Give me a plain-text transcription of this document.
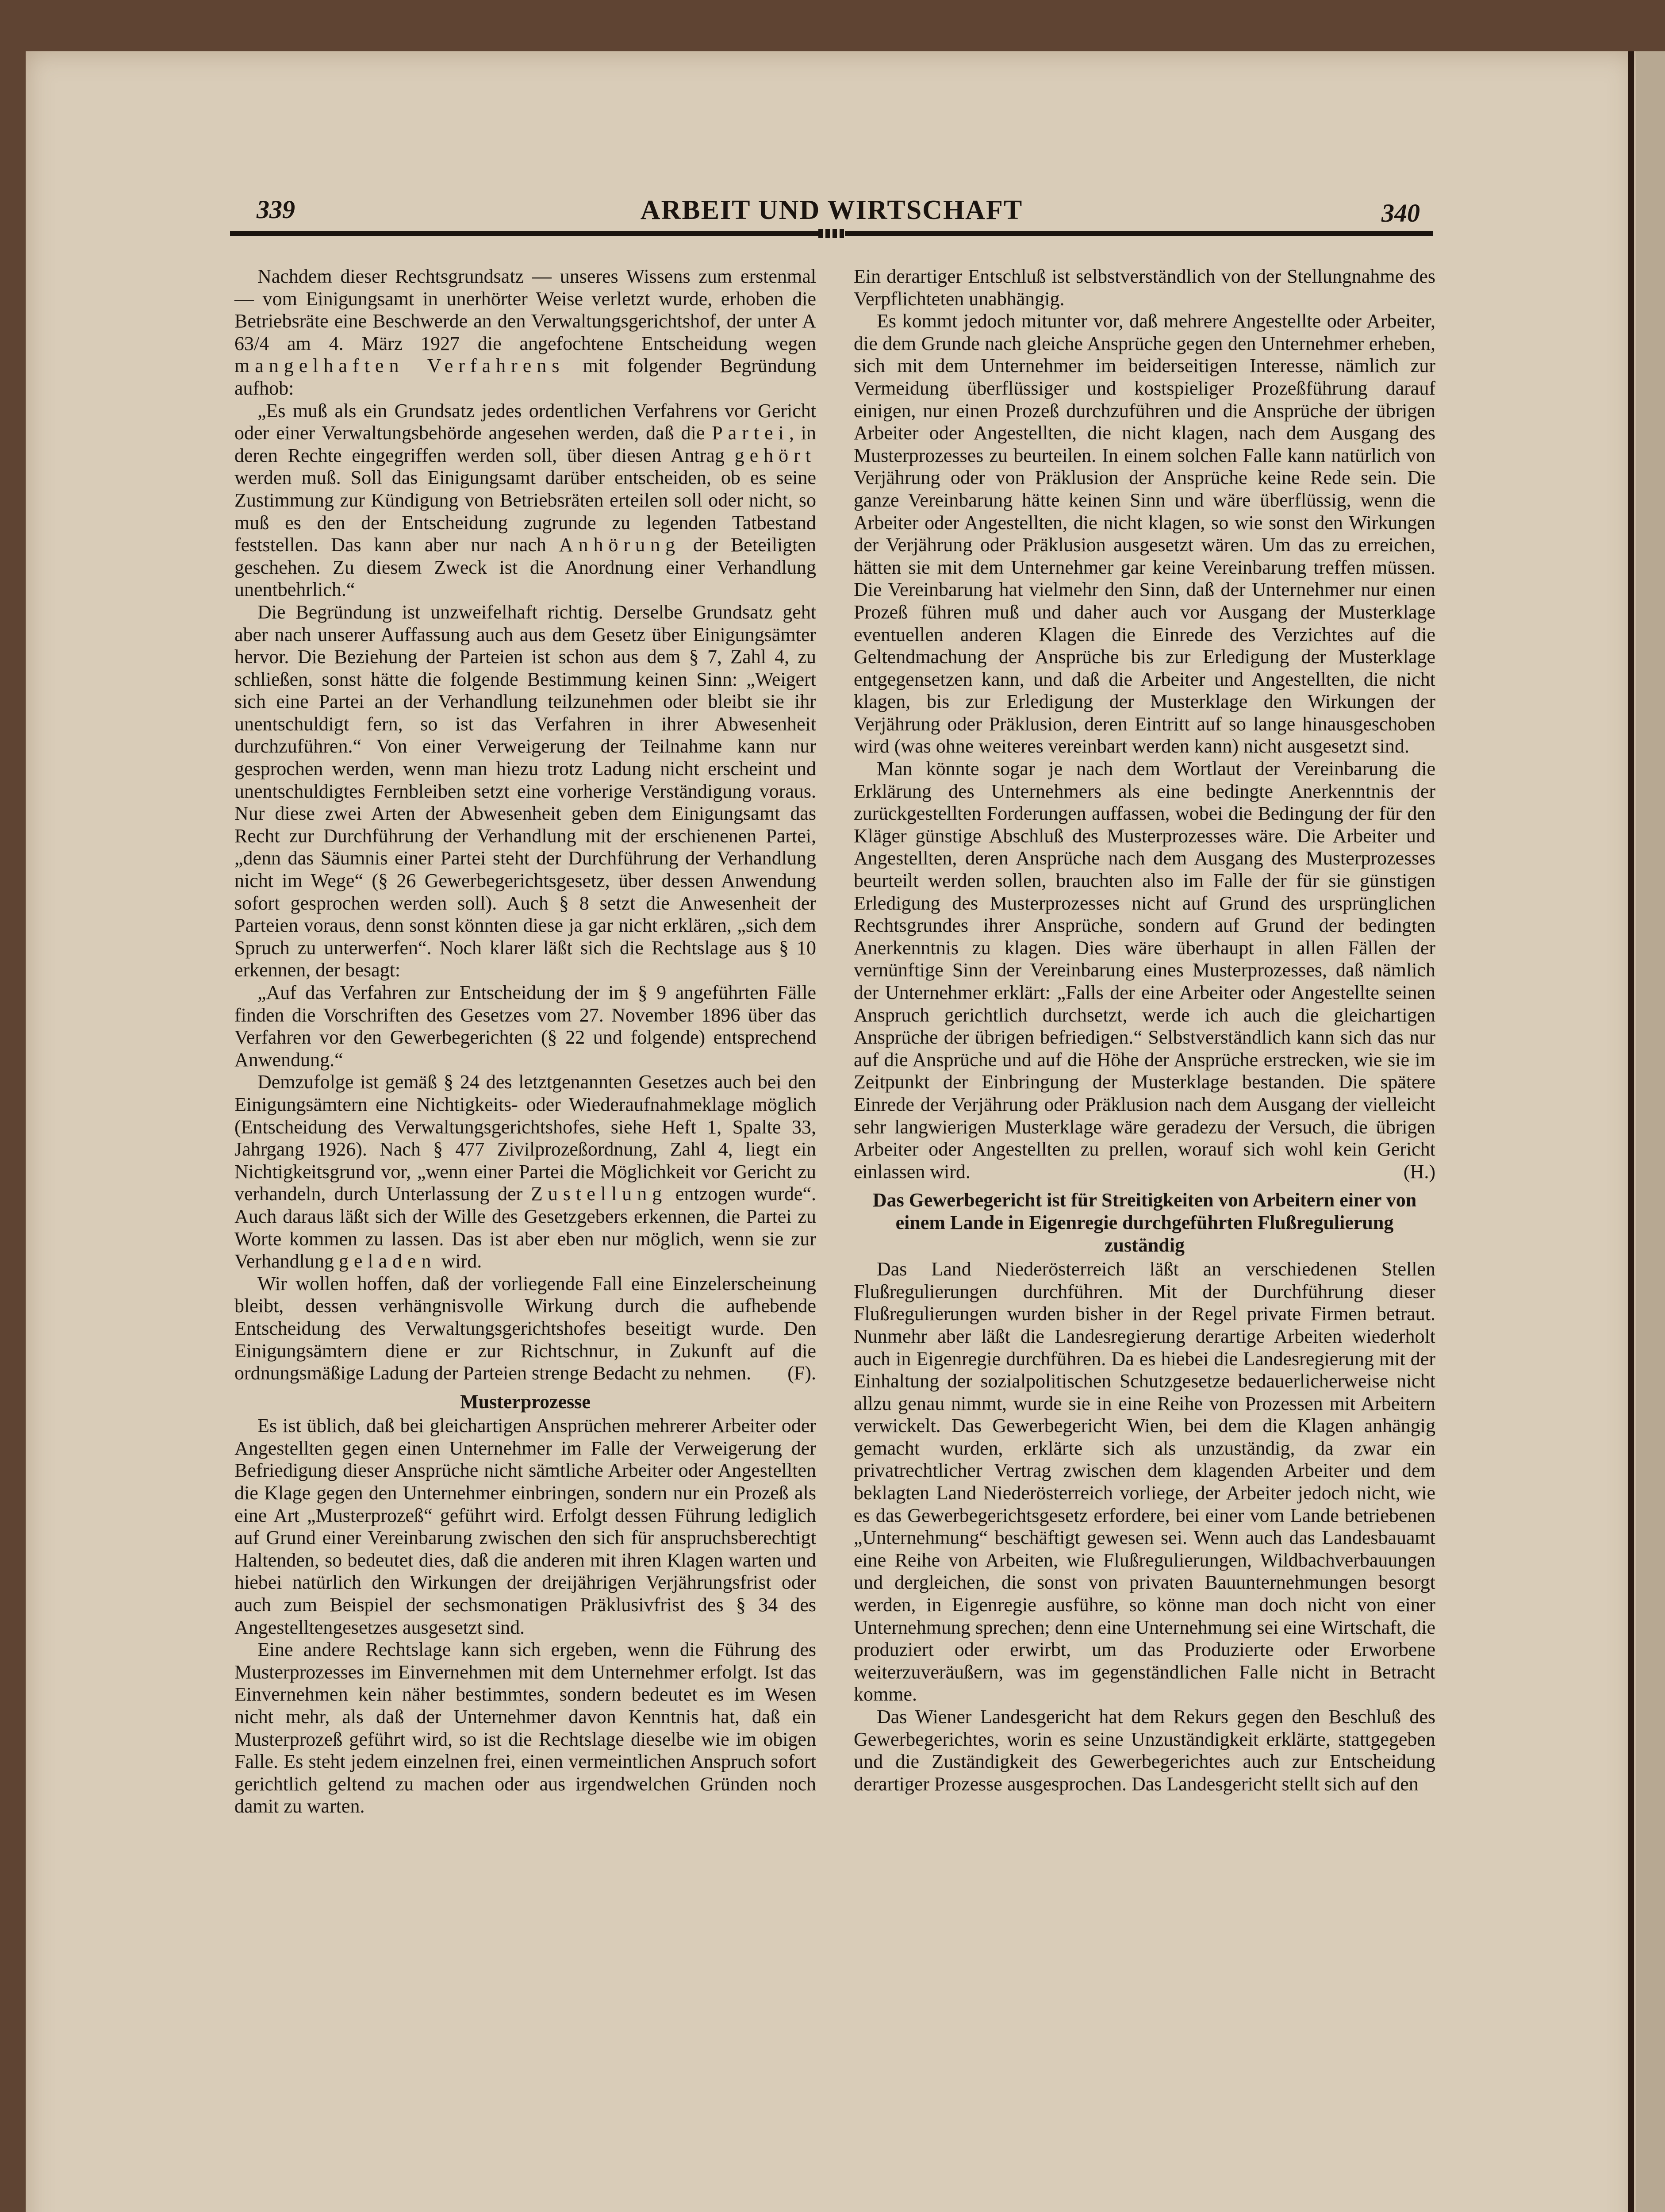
339	ARBEIT UND WIRTSCHAFT	340

Nachdem dieser Rechtsgrundsatz — unseres Wissens zum erstenmal — vom Einigungsamt in unerhörter Weise verletzt wurde, erhoben die Betriebsräte eine Beschwerde an den Verwaltungsgerichtshof, der unter A 63/4 am 4. März 1927 die angefochtene Entscheidung wegen mangelhaften Verfahrens mit folgender Begründung aufhob:

„Es muß als ein Grundsatz jedes ordentlichen Verfahrens vor Gericht oder einer Verwaltungsbehörde angesehen werden, daß die Partei, in deren Rechte eingegriffen werden soll, über diesen Antrag gehört werden muß. Soll das Einigungsamt darüber entscheiden, ob es seine Zustimmung zur Kündigung von Betriebsräten erteilen soll oder nicht, so muß es den der Entscheidung zugrunde zu legenden Tatbestand feststellen. Das kann aber nur nach Anhörung der Beteiligten geschehen. Zu diesem Zweck ist die Anordnung einer Verhandlung unentbehrlich.“

Die Begründung ist unzweifelhaft richtig. Derselbe Grundsatz geht aber nach unserer Auffassung auch aus dem Gesetz über Einigungsämter hervor. Die Beziehung der Parteien ist schon aus dem § 7, Zahl 4, zu schließen, sonst hätte die folgende Bestimmung keinen Sinn: „Weigert sich eine Partei an der Verhandlung teilzunehmen oder bleibt sie ihr unentschuldigt fern, so ist das Verfahren in ihrer Abwesenheit durchzuführen.“ Von einer Verweigerung der Teilnahme kann nur gesprochen werden, wenn man hiezu trotz Ladung nicht erscheint und unentschuldigtes Fernbleiben setzt eine vorherige Verständigung voraus. Nur diese zwei Arten der Abwesenheit geben dem Einigungsamt das Recht zur Durchführung der Verhandlung mit der erschienenen Partei, „denn das Säumnis einer Partei steht der Durchführung der Verhandlung nicht im Wege“ (§ 26 Gewerbegerichtsgesetz, über dessen Anwendung sofort gesprochen werden soll). Auch § 8 setzt die Anwesenheit der Parteien voraus, denn sonst könnten diese ja gar nicht erklären, „sich dem Spruch zu unterwerfen“. Noch klarer läßt sich die Rechtslage aus § 10 erkennen, der besagt:

„Auf das Verfahren zur Entscheidung der im § 9 angeführten Fälle finden die Vorschriften des Gesetzes vom 27. November 1896 über das Verfahren vor den Gewerbegerichten (§ 22 und folgende) entsprechend Anwendung.“

Demzufolge ist gemäß § 24 des letztgenannten Gesetzes auch bei den Einigungsämtern eine Nichtigkeits- oder Wiederaufnahmeklage möglich (Entscheidung des Verwaltungsgerichtshofes, siehe Heft 1, Spalte 33, Jahrgang 1926). Nach § 477 Zivilprozeßordnung, Zahl 4, liegt ein Nichtigkeitsgrund vor, „wenn einer Partei die Möglichkeit vor Gericht zu verhandeln, durch Unterlassung der Zustellung entzogen wurde“. Auch daraus läßt sich der Wille des Gesetzgebers erkennen, die Partei zu Worte kommen zu lassen. Das ist aber eben nur möglich, wenn sie zur Verhandlung geladen wird.

Wir wollen hoffen, daß der vorliegende Fall eine Einzelerscheinung bleibt, dessen verhängnisvolle Wirkung durch die aufhebende Entscheidung des Verwaltungsgerichtshofes beseitigt wurde. Den Einigungsämtern diene er zur Richtschnur, in Zukunft auf die ordnungsmäßige Ladung der Parteien strenge Bedacht zu nehmen.	(F).

Musterprozesse

Es ist üblich, daß bei gleichartigen Ansprüchen mehrerer Arbeiter oder Angestellten gegen einen Unternehmer im Falle der Verweigerung der Befriedigung dieser Ansprüche nicht sämtliche Arbeiter oder Angestellten die Klage gegen den Unternehmer einbringen, sondern nur ein Prozeß als eine Art „Musterprozeß“ geführt wird. Erfolgt dessen Führung lediglich auf Grund einer Vereinbarung zwischen den sich für anspruchsberechtigt Haltenden, so bedeutet dies, daß die anderen mit ihren Klagen warten und hiebei natürlich den Wirkungen der dreijährigen Verjährungsfrist oder auch zum Beispiel der sechsmonatigen Präklusivfrist des § 34 des Angestelltengesetzes ausgesetzt sind.

Eine andere Rechtslage kann sich ergeben, wenn die Führung des Musterprozesses im Einvernehmen mit dem Unternehmer erfolgt. Ist das Einvernehmen kein näher bestimmtes, sondern bedeutet es im Wesen nicht mehr, als daß der Unternehmer davon Kenntnis hat, daß ein Musterprozeß geführt wird, so ist die Rechtslage dieselbe wie im obigen Falle. Es steht jedem einzelnen frei, einen vermeintlichen Anspruch sofort gerichtlich geltend zu machen oder aus irgendwelchen Gründen noch damit zu warten.

Ein derartiger Entschluß ist selbstverständlich von der Stellungnahme des Verpflichteten unabhängig.

Es kommt jedoch mitunter vor, daß mehrere Angestellte oder Arbeiter, die dem Grunde nach gleiche Ansprüche gegen den Unternehmer erheben, sich mit dem Unternehmer im beiderseitigen Interesse, nämlich zur Vermeidung überflüssiger und kostspieliger Prozeßführung darauf einigen, nur einen Prozeß durchzuführen und die Ansprüche der übrigen Arbeiter oder Angestellten, die nicht klagen, nach dem Ausgang des Musterprozesses zu beurteilen. In einem solchen Falle kann natürlich von Verjährung oder von Präklusion der Ansprüche keine Rede sein. Die ganze Vereinbarung hätte keinen Sinn und wäre überflüssig, wenn die Arbeiter oder Angestellten, die nicht klagen, so wie sonst den Wirkungen der Verjährung oder Präklusion ausgesetzt wären. Um das zu erreichen, hätten sie mit dem Unternehmer gar keine Vereinbarung treffen müssen. Die Vereinbarung hat vielmehr den Sinn, daß der Unternehmer nur einen Prozeß führen muß und daher auch vor Ausgang der Musterklage eventuellen anderen Klagen die Einrede des Verzichtes auf die Geltendmachung der Ansprüche bis zur Erledigung der Musterklage entgegensetzen kann, und daß die Arbeiter und Angestellten, die nicht klagen, bis zur Erledigung der Musterklage den Wirkungen der Verjährung oder Präklusion, deren Eintritt auf so lange hinausgeschoben wird (was ohne weiteres vereinbart werden kann) nicht ausgesetzt sind.

Man könnte sogar je nach dem Wortlaut der Vereinbarung die Erklärung des Unternehmers als eine bedingte Anerkenntnis der zurückgestellten Forderungen auffassen, wobei die Bedingung der für den Kläger günstige Abschluß des Musterprozesses wäre. Die Arbeiter und Angestellten, deren Ansprüche nach dem Ausgang des Musterprozesses beurteilt werden sollen, brauchten also im Falle der für sie günstigen Erledigung des Musterprozesses nicht auf Grund des ursprünglichen Rechtsgrundes ihrer Ansprüche, sondern auf Grund der bedingten Anerkenntnis zu klagen. Dies wäre überhaupt in allen Fällen der vernünftige Sinn der Vereinbarung eines Musterprozesses, daß nämlich der Unternehmer erklärt: „Falls der eine Arbeiter oder Angestellte seinen Anspruch gerichtlich durchsetzt, werde ich auch die gleichartigen Ansprüche der übrigen befriedigen.“ Selbstverständlich kann sich das nur auf die Ansprüche und auf die Höhe der Ansprüche erstrecken, wie sie im Zeitpunkt der Einbringung der Musterklage bestanden. Die spätere Einrede der Verjährung oder Präklusion nach dem Ausgang der vielleicht sehr langwierigen Musterklage wäre geradezu der Versuch, die übrigen Arbeiter oder Angestellten zu prellen, worauf sich wohl kein Gericht einlassen wird.	(H.)

Das Gewerbegericht ist für Streitigkeiten von Arbeitern einer von einem Lande in Eigenregie durchgeführten Flußregulierung zuständig

Das Land Niederösterreich läßt an verschiedenen Stellen Flußregulierungen durchführen. Mit der Durchführung dieser Flußregulierungen wurden bisher in der Regel private Firmen betraut. Nunmehr aber läßt die Landesregierung derartige Arbeiten wiederholt auch in Eigenregie durchführen. Da es hiebei die Landesregierung mit der Einhaltung der sozialpolitischen Schutzgesetze bedauerlicherweise nicht allzu genau nimmt, wurde sie in eine Reihe von Prozessen mit Arbeitern verwickelt. Das Gewerbegericht Wien, bei dem die Klagen anhängig gemacht wurden, erklärte sich als unzuständig, da zwar ein privatrechtlicher Vertrag zwischen dem klagenden Arbeiter und dem beklagten Land Niederösterreich vorliege, der Arbeiter jedoch nicht, wie es das Gewerbegerichtsgesetz erfordere, bei einer vom Lande betriebenen „Unternehmung“ beschäftigt gewesen sei. Wenn auch das Landesbauamt eine Reihe von Arbeiten, wie Flußregulierungen, Wildbachverbauungen und dergleichen, die sonst von privaten Bauunternehmungen besorgt werden, in Eigenregie ausführe, so könne man doch nicht von einer Unternehmung sprechen; denn eine Unternehmung sei eine Wirtschaft, die produziert oder erwirbt, um das Produzierte oder Erworbene weiterzuveräußern, was im gegenständlichen Falle nicht in Betracht komme.

Das Wiener Landesgericht hat dem Rekurs gegen den Beschluß des Gewerbegerichtes, worin es seine Unzuständigkeit erklärte, stattgegeben und die Zuständigkeit des Gewerbegerichtes auch zur Entscheidung derartiger Prozesse ausgesprochen. Das Landesgericht stellt sich auf den
